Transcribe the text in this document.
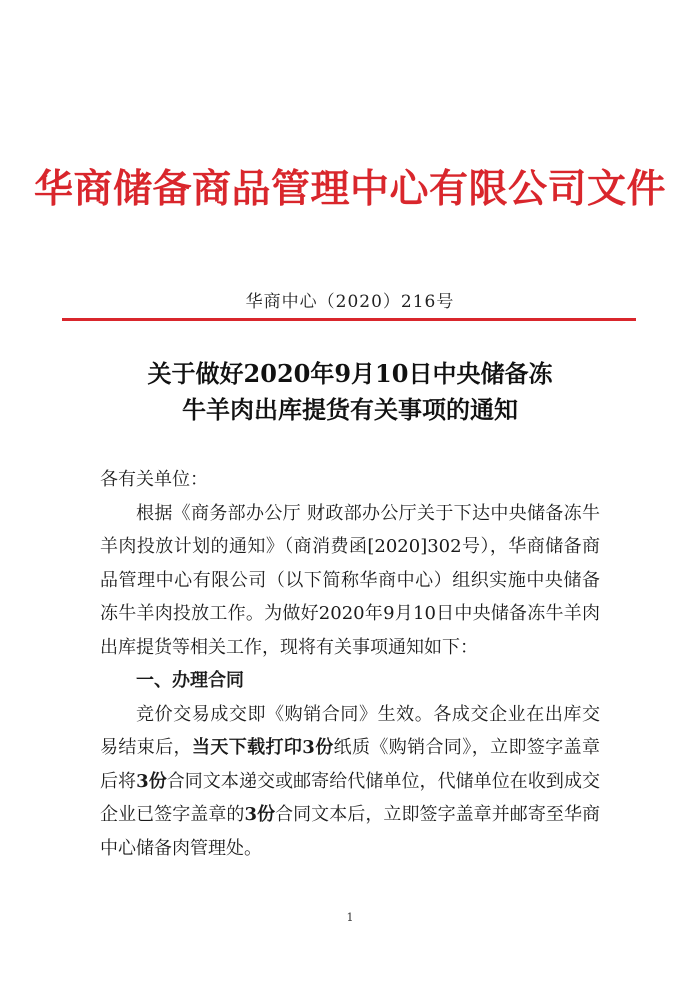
华商储备商品管理中心有限公司文件
华商中心（2020）216号
关于做好2020年9月10日中央储备冻
牛羊肉出库提货有关事项的通知

各有关单位：

根据《商务部办公厅 财政部办公厅关于下达中央储备冻牛羊肉投放计划的通知》（商消费函[2020]302号），华商储备商品管理中心有限公司（以下简称华商中心）组织实施中央储备冻牛羊肉投放工作。为做好2020年9月10日中央储备冻牛羊肉出库提货等相关工作，现将有关事项通知如下：

一、办理合同

竞价交易成交即《购销合同》生效。各成交企业在出库交易结束后，当天下载打印3份纸质《购销合同》，立即签字盖章后将3份合同文本递交或邮寄给代储单位，代储单位在收到成交企业已签字盖章的3份合同文本后，立即签字盖章并邮寄至华商中心储备肉管理处。

1
